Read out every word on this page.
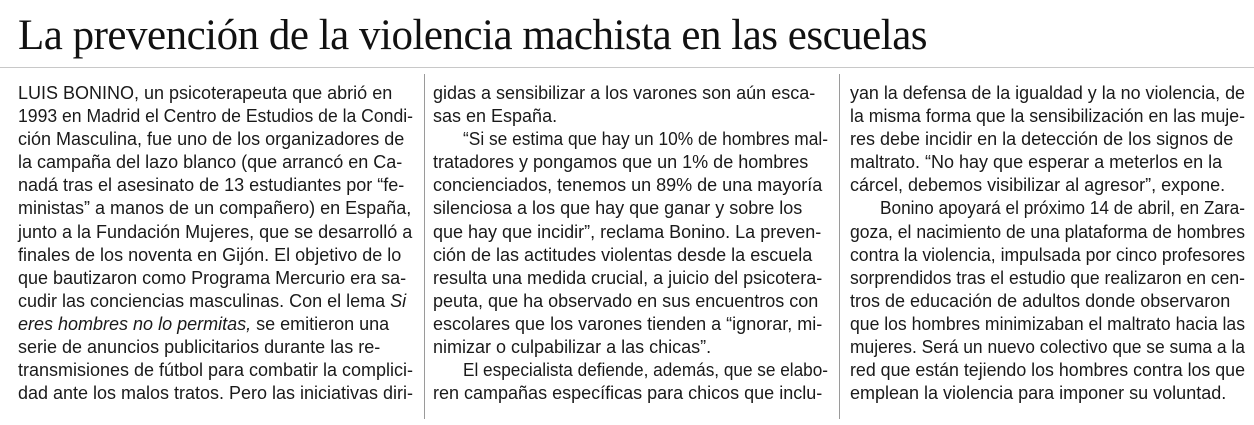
La prevención de la violencia machista en las escuelas
LUIS BONINO, un psicoterapeuta que abrió en
1993 en Madrid el Centro de Estudios de la Condi-
ción Masculina, fue uno de los organizadores de
la campaña del lazo blanco (que arrancó en Ca-
nadá tras el asesinato de 13 estudiantes por “fe-
ministas” a manos de un compañero) en España,
junto a la Fundación Mujeres, que se desarrolló a
finales de los noventa en Gijón. El objetivo de lo
que bautizaron como Programa Mercurio era sa-
cudir las conciencias masculinas. Con el lema Si
eres hombres no lo permitas, se emitieron una
serie de anuncios publicitarios durante las re-
transmisiones de fútbol para combatir la complici-
dad ante los malos tratos. Pero las iniciativas diri-
gidas a sensibilizar a los varones son aún esca-
sas en España.
“Si se estima que hay un 10% de hombres mal-
tratadores y pongamos que un 1% de hombres
concienciados, tenemos un 89% de una mayoría
silenciosa a los que hay que ganar y sobre los
que hay que incidir”, reclama Bonino. La preven-
ción de las actitudes violentas desde la escuela
resulta una medida crucial, a juicio del psicotera-
peuta, que ha observado en sus encuentros con
escolares que los varones tienden a “ignorar, mi-
nimizar o culpabilizar a las chicas”.
El especialista defiende, además, que se elabo-
ren campañas específicas para chicos que inclu-
yan la defensa de la igualdad y la no violencia, de
la misma forma que la sensibilización en las muje-
res debe incidir en la detección de los signos de
maltrato. “No hay que esperar a meterlos en la
cárcel, debemos visibilizar al agresor”, expone.
Bonino apoyará el próximo 14 de abril, en Zara-
goza, el nacimiento de una plataforma de hombres
contra la violencia, impulsada por cinco profesores
sorprendidos tras el estudio que realizaron en cen-
tros de educación de adultos donde observaron
que los hombres minimizaban el maltrato hacia las
mujeres. Será un nuevo colectivo que se suma a la
red que están tejiendo los hombres contra los que
emplean la violencia para imponer su voluntad.
